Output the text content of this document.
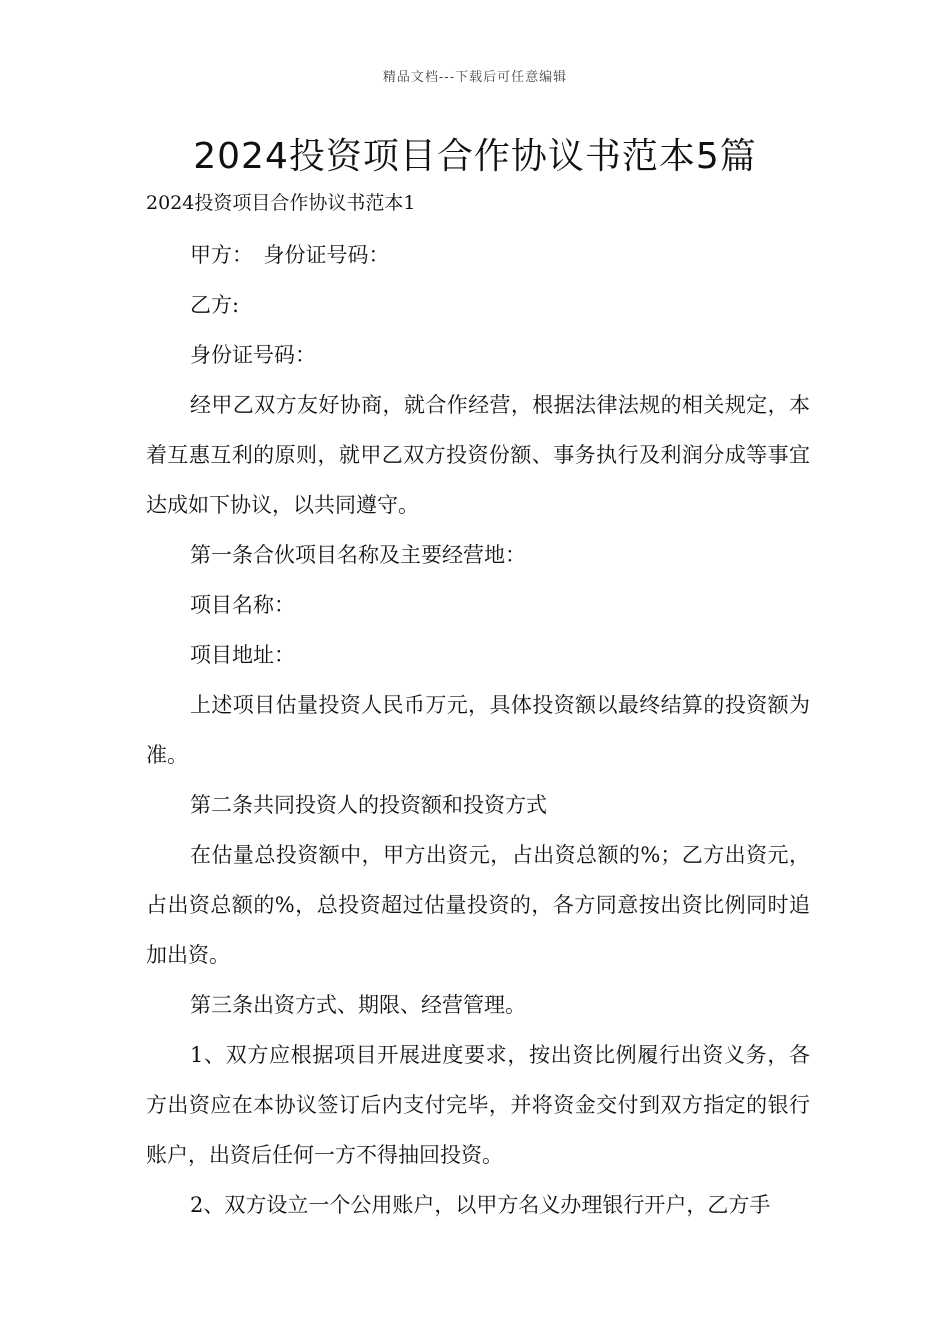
精品文档---下载后可任意编辑
2024投资项目合作协议书范本5篇
2024投资项目合作协议书范本1

甲方：　身份证号码：

乙方:

身份证号码：

经甲乙双方友好协商，就合作经营，根据法律法规的相关规定，本着互惠互利的原则，就甲乙双方投资份额、事务执行及利润分成等事宜达成如下协议，以共同遵守。

第一条合伙项目名称及主要经营地：

项目名称：

项目地址：

上述项目估量投资人民币万元，具体投资额以最终结算的投资额为准。

第二条共同投资人的投资额和投资方式

在估量总投资额中，甲方出资元，占出资总额的%；乙方出资元，占出资总额的%，总投资超过估量投资的，各方同意按出资比例同时追加出资。

第三条出资方式、期限、经营管理。

1、双方应根据项目开展进度要求，按出资比例履行出资义务，各方出资应在本协议签订后内支付完毕，并将资金交付到双方指定的银行账户，出资后任何一方不得抽回投资。

2、双方设立一个公用账户，以甲方名义办理银行开户，乙方手
